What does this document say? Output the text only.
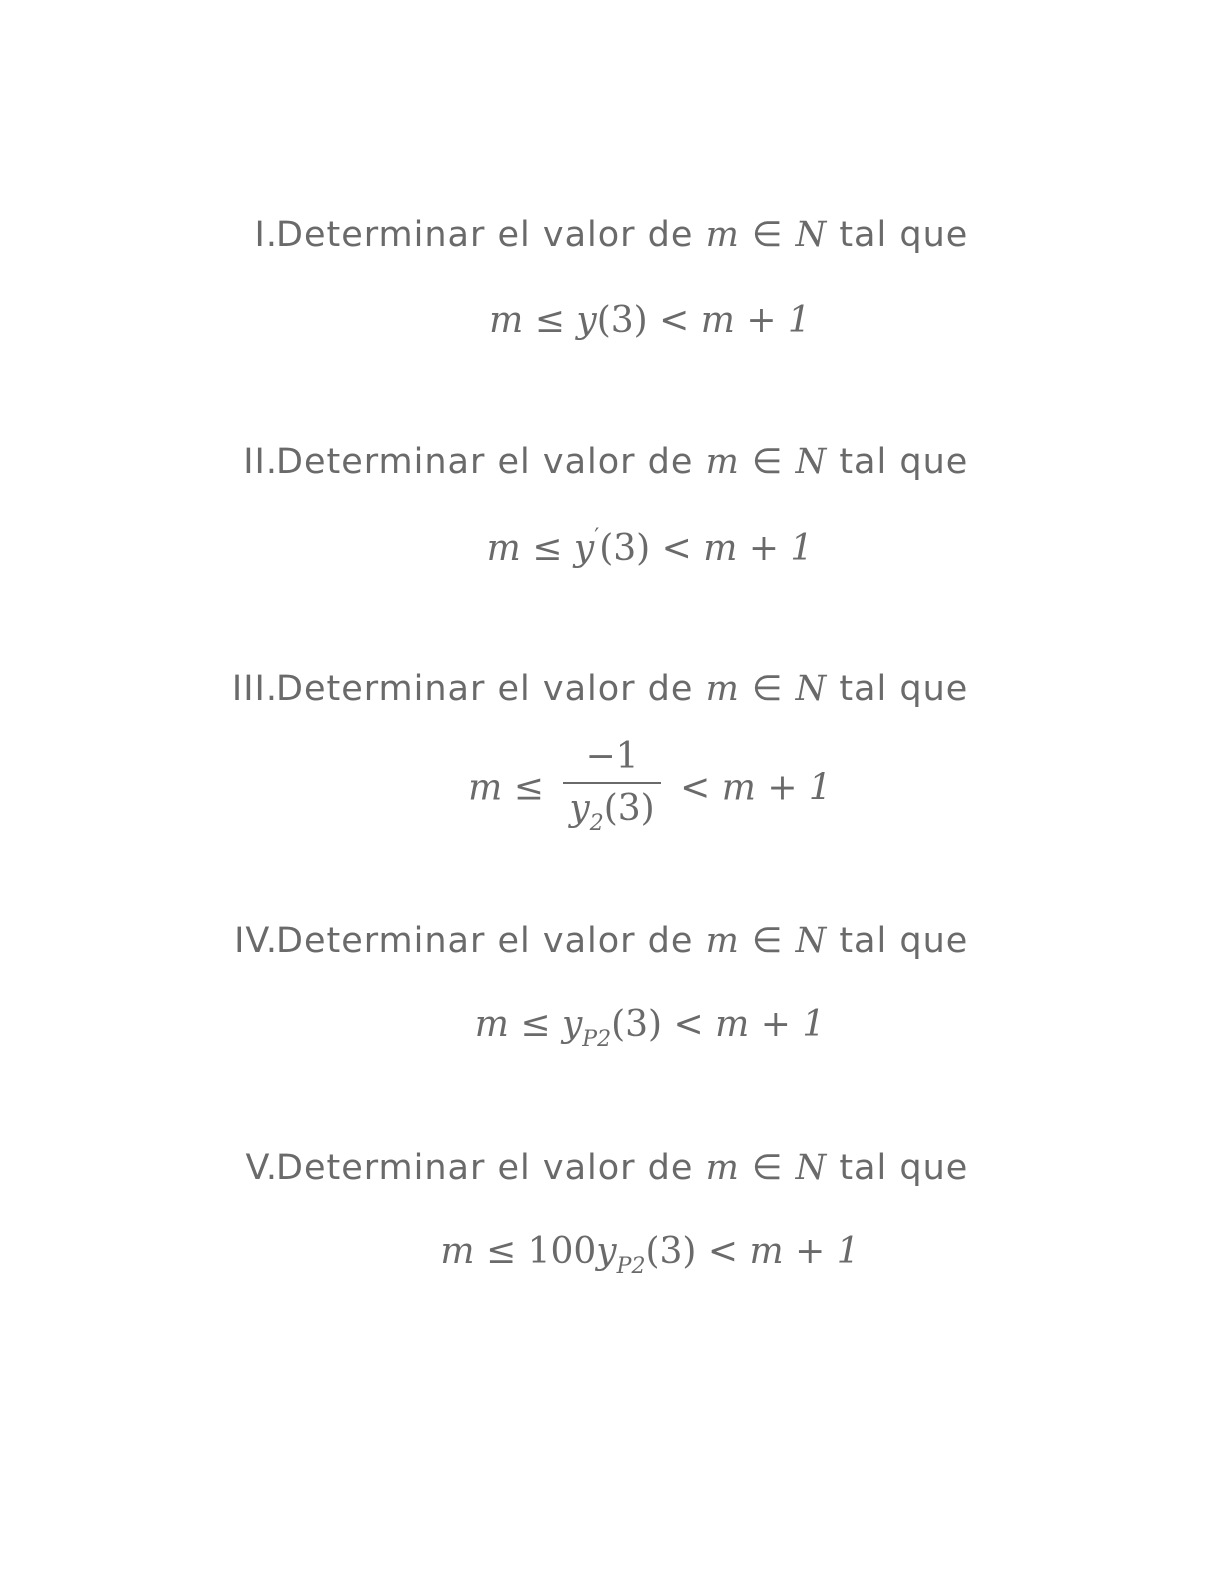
I.
Determinar el valor de m ∈ N tal que
m ≤ y(3) < m + 1
II.
Determinar el valor de m ∈ N tal que
m ≤ y′(3) < m + 1
III.
Determinar el valor de m ∈ N tal que
$m \le \frac{-1}{y_2(3)} < m + 1$
IV.
Determinar el valor de m ∈ N tal que
$m \le y_{P2}(3) < m + 1$
V.
Determinar el valor de m ∈ N tal que
$m \le 100y_{P2}(3) < m + 1$
